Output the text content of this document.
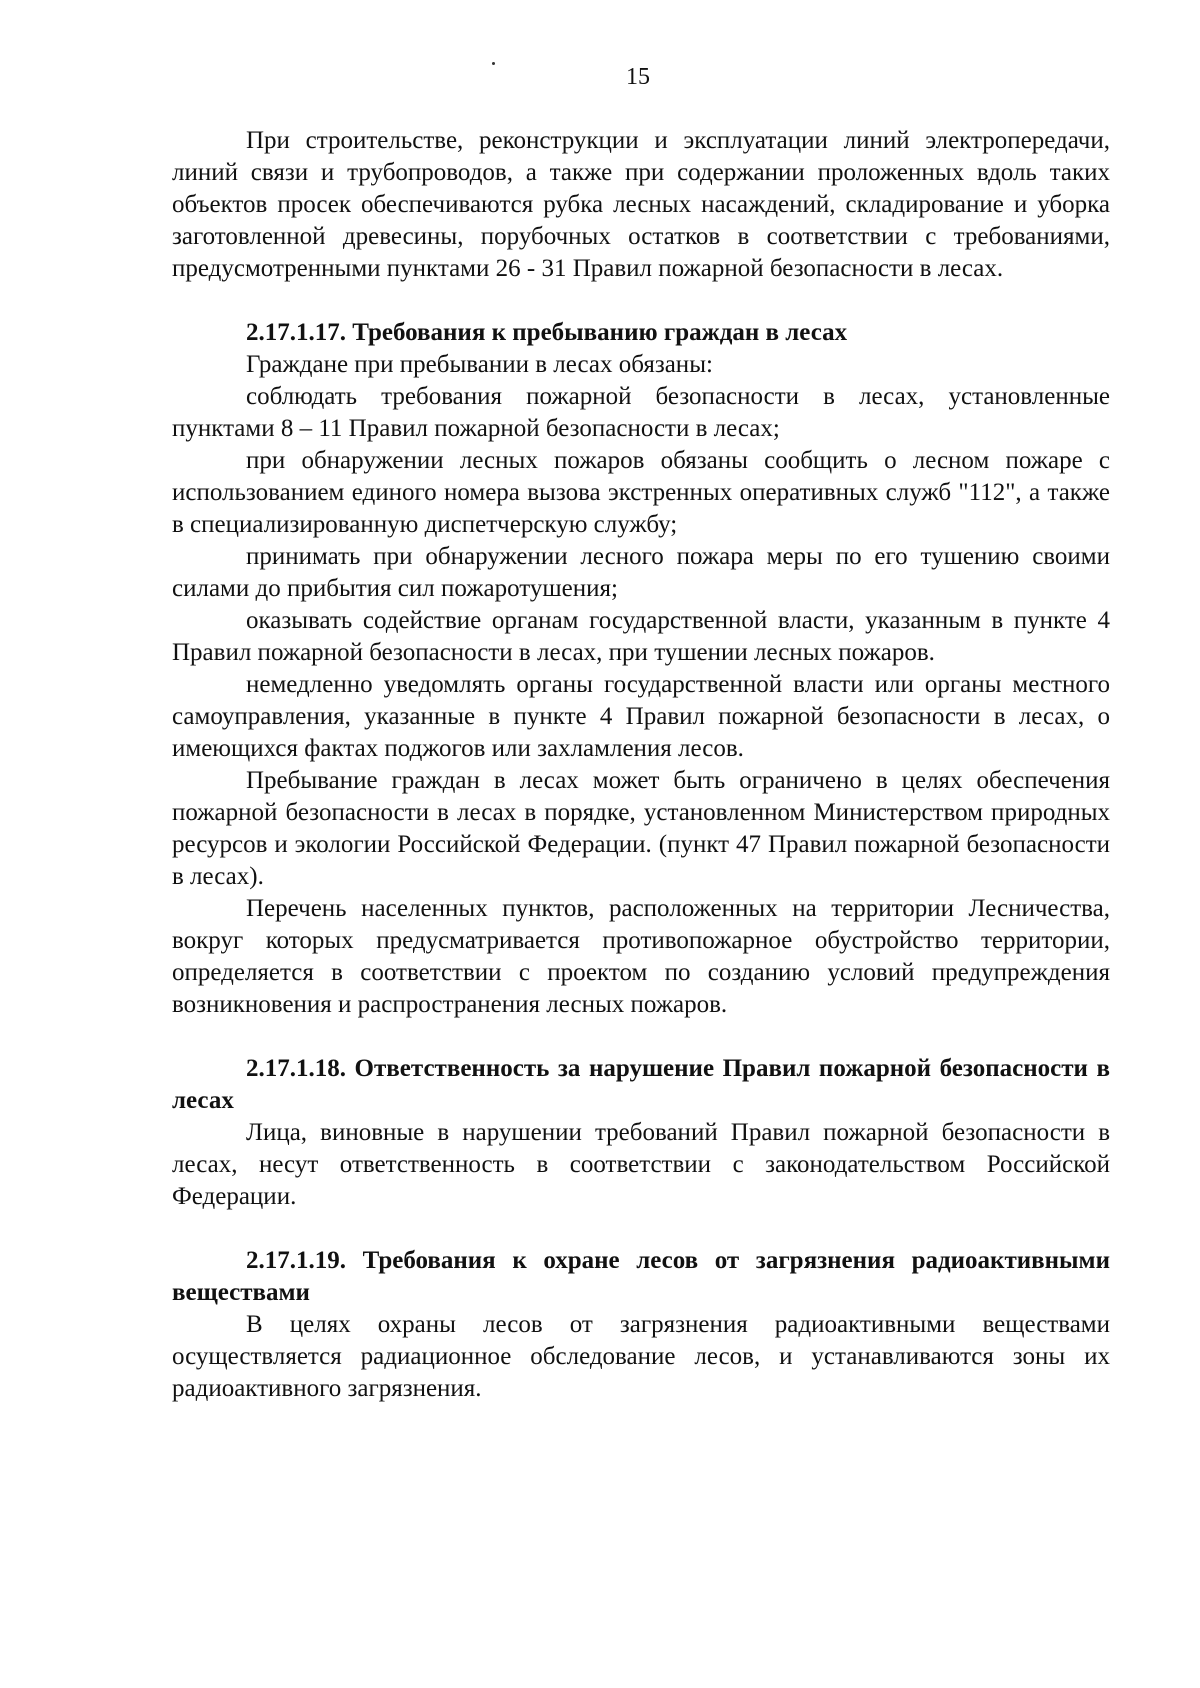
15

При строительстве, реконструкции и эксплуатации линий электропередачи, линий связи и трубопроводов, а также при содержании проложенных вдоль таких объектов просек обеспечиваются рубка лесных насаждений, складирование и уборка заготовленной древесины, порубочных остатков в соответствии с требованиями, предусмотренными пунктами 26 - 31 Правил пожарной безопасности в лесах.

2.17.1.17. Требования к пребыванию граждан в лесах

Граждане при пребывании в лесах обязаны:

соблюдать требования пожарной безопасности в лесах, установленные пунктами 8 – 11 Правил пожарной безопасности в лесах;

при обнаружении лесных пожаров обязаны сообщить о лесном пожаре с использованием единого номера вызова экстренных оперативных служб "112", а также в специализированную диспетчерскую службу;

принимать при обнаружении лесного пожара меры по его тушению своими силами до прибытия сил пожаротушения;

оказывать содействие органам государственной власти, указанным в пункте 4 Правил пожарной безопасности в лесах, при тушении лесных пожаров.

немедленно уведомлять органы государственной власти или органы местного самоуправления, указанные в пункте 4 Правил пожарной безопасности в лесах, о имеющихся фактах поджогов или захламления лесов.

Пребывание граждан в лесах может быть ограничено в целях обеспечения пожарной безопасности в лесах в порядке, установленном Министерством природных ресурсов и экологии Российской Федерации. (пункт 47 Правил пожарной безопасности в лесах).

Перечень населенных пунктов, расположенных на территории Лесничества, вокруг которых предусматривается противопожарное обустройство территории, определяется в соответствии с проектом по созданию условий предупреждения возникновения и распространения лесных пожаров.

2.17.1.18. Ответственность за нарушение Правил пожарной безопасности в лесах

Лица, виновные в нарушении требований Правил пожарной безопасности в лесах, несут ответственность в соответствии с законодательством Российской Федерации.

2.17.1.19. Требования к охране лесов от загрязнения радиоактивными веществами

В целях охраны лесов от загрязнения радиоактивными веществами осуществляется радиационное обследование лесов, и устанавливаются зоны их радиоактивного загрязнения.
